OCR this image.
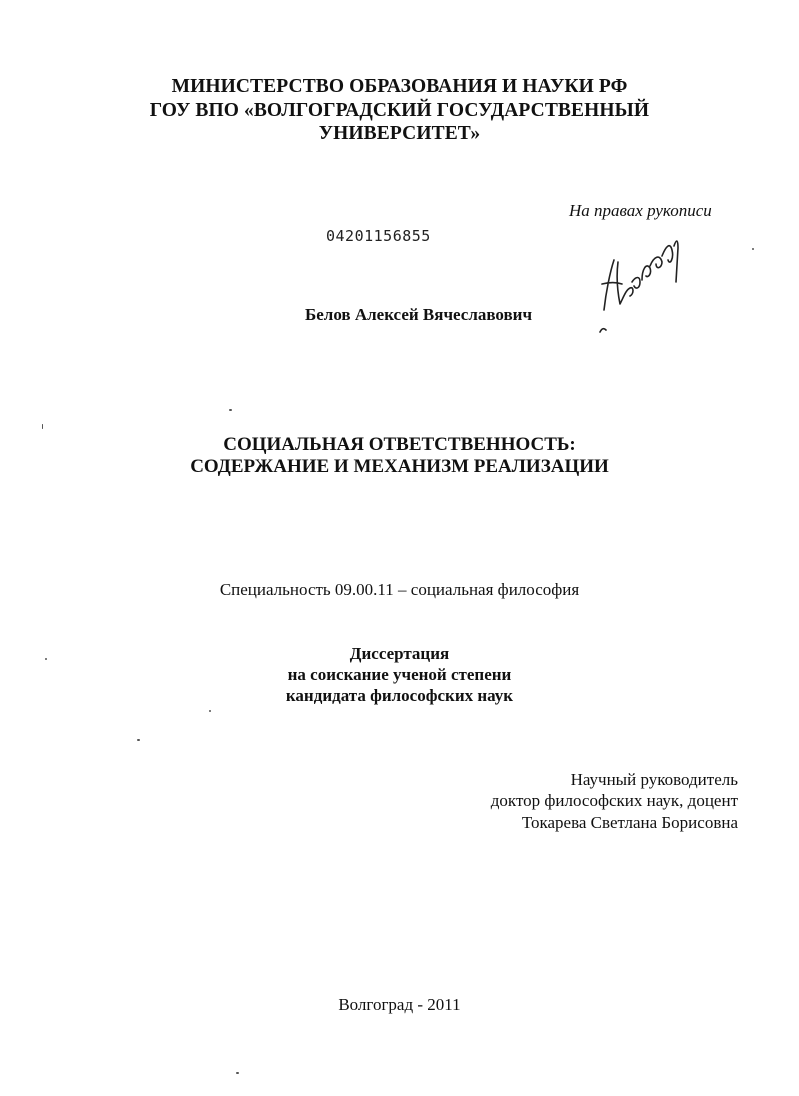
МИНИСТЕРСТВО ОБРАЗОВАНИЯ И НАУКИ РФ
ГОУ ВПО «ВОЛГОГРАДСКИЙ ГОСУДАРСТВЕННЫЙ
УНИВЕРСИТЕТ»
На правах рукописи
04201156855
Белов Алексей Вячеславович
СОЦИАЛЬНАЯ ОТВЕТСТВЕННОСТЬ:
СОДЕРЖАНИЕ И МЕХАНИЗМ РЕАЛИЗАЦИИ
Специальность 09.00.11 – социальная философия
Диссертация
на соискание ученой степени
кандидата философских наук
Научный руководитель
доктор философских наук, доцент
Токарева Светлана Борисовна
Волгоград - 2011
